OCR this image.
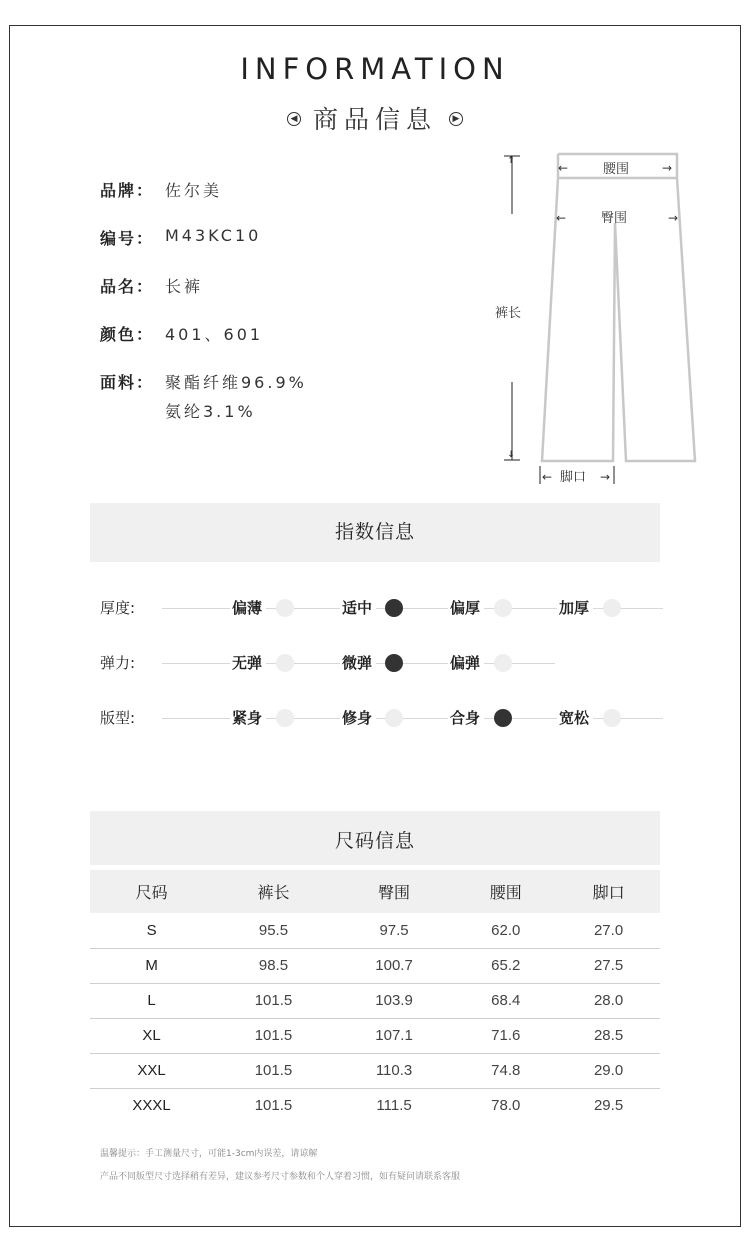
INFORMATION
◀ 商品信息 ▶
品牌： 佐尔美
编号： M43KC10
品名： 长裤
颜色： 401、601
面料： 聚酯纤维96.9%
氨纶3.1%
↑
↓
裤长
←	腰围	→
←	臀围	→
← 脚口 →
指数信息
厚度:	偏薄	适中	偏厚	加厚
弹力:	无弹	微弹	偏弹
版型:	紧身	修身	合身	宽松
尺码信息
尺码	裤长	臀围	腰围	脚口
S	95.5	97.5	62.0	27.0
M	98.5	100.7	65.2	27.5
L	101.5	103.9	68.4	28.0
XL	101.5	107.1	71.6	28.5
XXL	101.5	110.3	74.8	29.0
XXXL	101.5	111.5	78.0	29.5
温馨提示：手工测量尺寸，可能1-3cm内误差，请谅解
产品不同版型尺寸选择稍有差异，建议参考尺寸参数和个人穿着习惯，如有疑问请联系客服
